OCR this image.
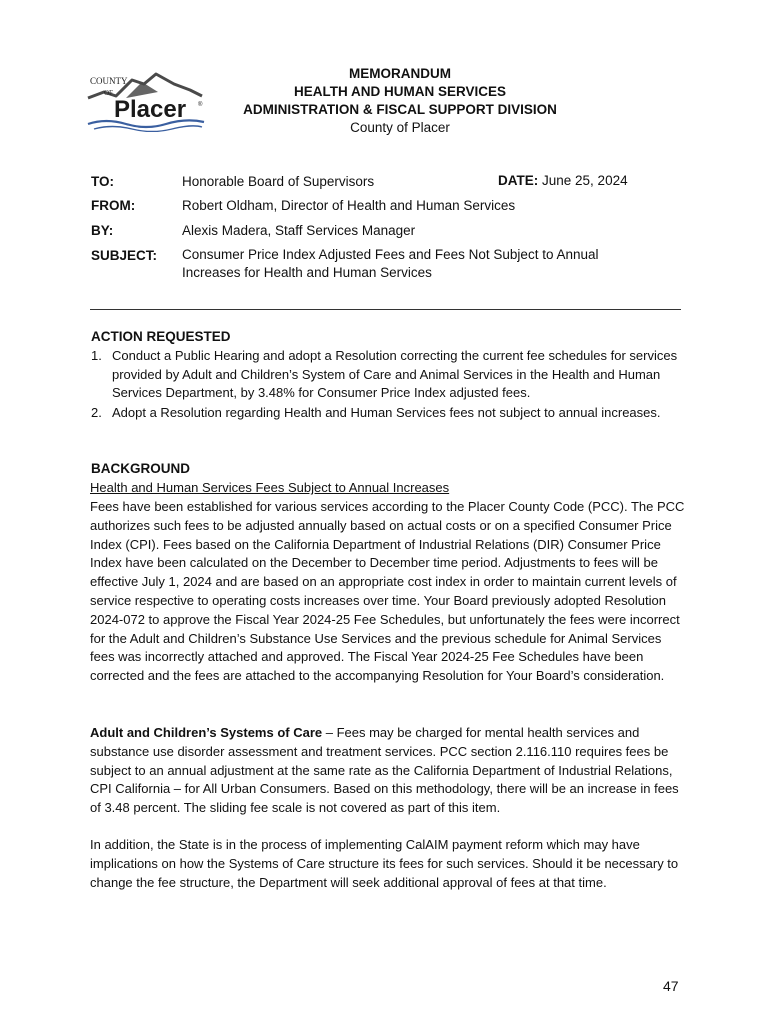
COUNTY
OF
Placer ®
MEMORANDUM
HEALTH AND HUMAN SERVICES
ADMINISTRATION & FISCAL SUPPORT DIVISION
County of Placer
TO:	Honorable Board of Supervisors	DATE: June 25, 2024
FROM:	Robert Oldham, Director of Health and Human Services
BY:	Alexis Madera, Staff Services Manager
SUBJECT: Consumer Price Index Adjusted Fees and Fees Not Subject to Annual
Increases for Health and Human Services
ACTION REQUESTED
1. Conduct a Public Hearing and adopt a Resolution correcting the current fee schedules for services provided by Adult and Children’s System of Care and Animal Services in the Health and Human Services Department, by 3.48% for Consumer Price Index adjusted fees.
2. Adopt a Resolution regarding Health and Human Services fees not subject to annual increases.
BACKGROUND
Health and Human Services Fees Subject to Annual Increases
Fees have been established for various services according to the Placer County Code (PCC). The PCC authorizes such fees to be adjusted annually based on actual costs or on a specified Consumer Price Index (CPI). Fees based on the California Department of Industrial Relations (DIR) Consumer Price Index have been calculated on the December to December time period. Adjustments to fees will be effective July 1, 2024 and are based on an appropriate cost index in order to maintain current levels of service respective to operating costs increases over time. Your Board previously adopted Resolution 2024-072 to approve the Fiscal Year 2024-25 Fee Schedules, but unfortunately the fees were incorrect for the Adult and Children’s Substance Use Services and the previous schedule for Animal Services fees was incorrectly attached and approved. The Fiscal Year 2024-25 Fee Schedules have been corrected and the fees are attached to the accompanying Resolution for Your Board’s consideration.
Adult and Children’s Systems of Care – Fees may be charged for mental health services and substance use disorder assessment and treatment services. PCC section 2.116.110 requires fees be subject to an annual adjustment at the same rate as the California Department of Industrial Relations, CPI California – for All Urban Consumers. Based on this methodology, there will be an increase in fees of 3.48 percent. The sliding fee scale is not covered as part of this item.
In addition, the State is in the process of implementing CalAIM payment reform which may have implications on how the Systems of Care structure its fees for such services. Should it be necessary to change the fee structure, the Department will seek additional approval of fees at that time.
47
